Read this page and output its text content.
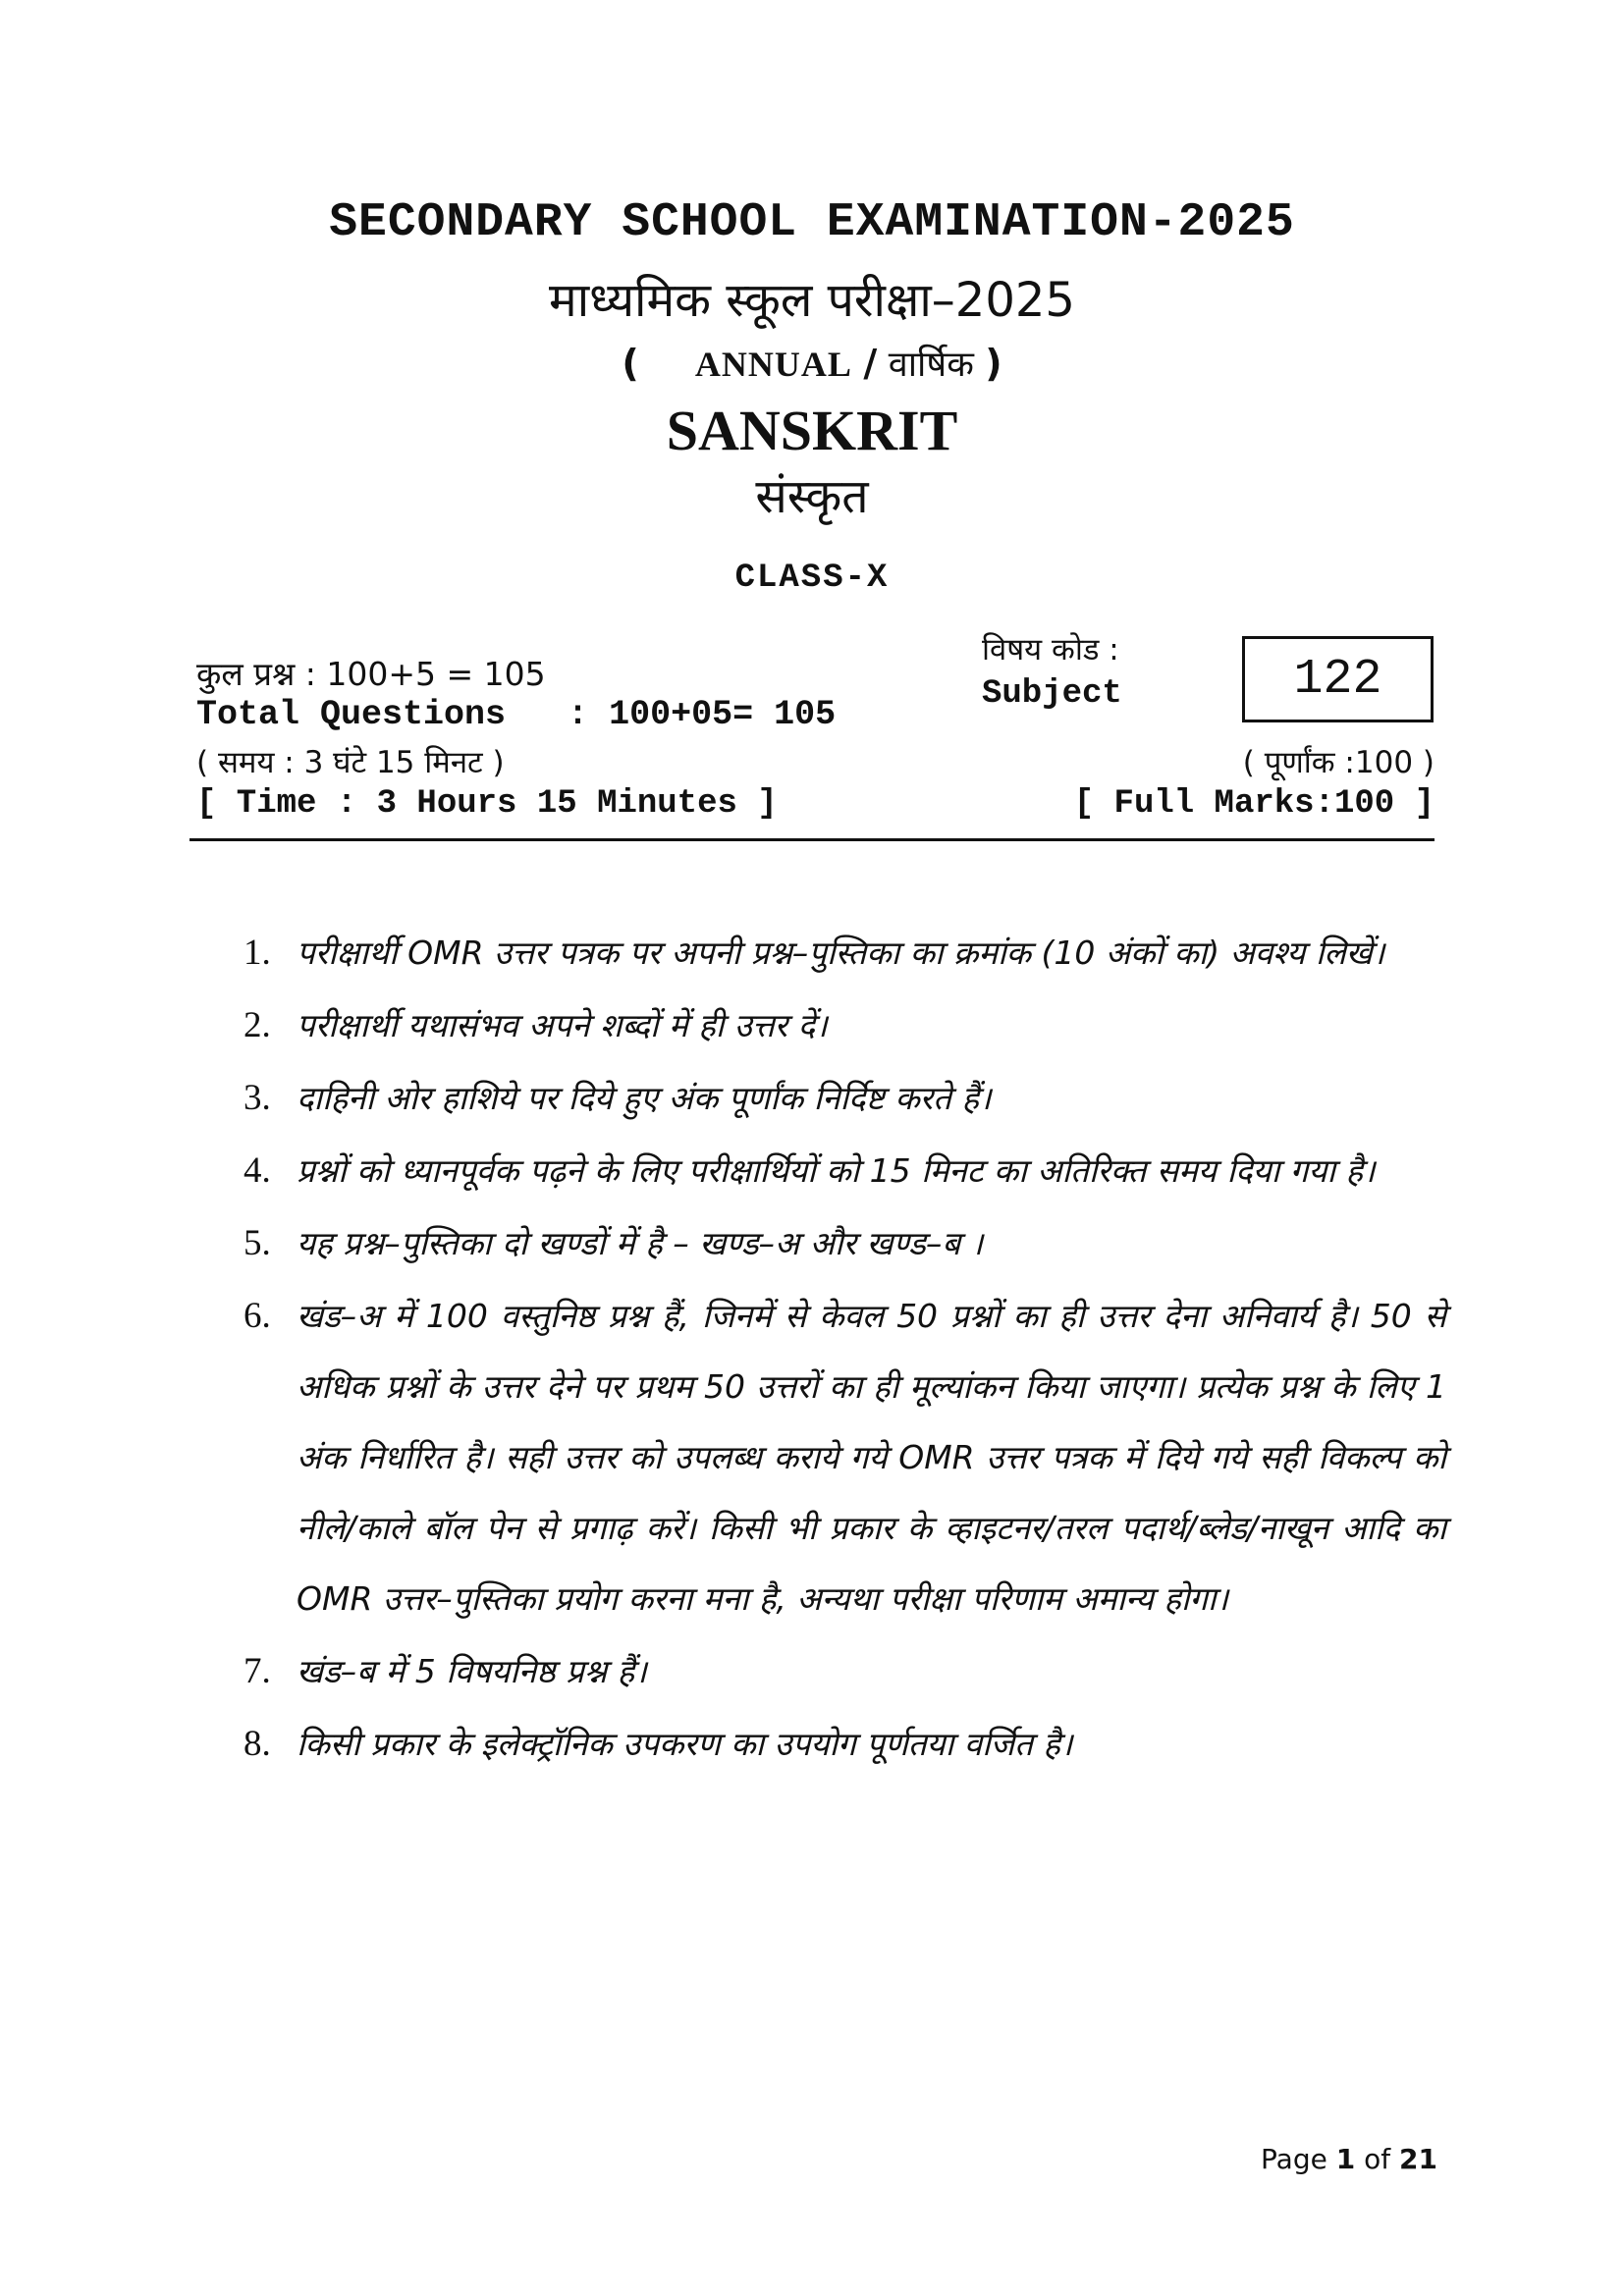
SECONDARY SCHOOL EXAMINATION-2025
माध्यमिक स्कूल परीक्षा–2025
( ANNUAL / वार्षिक )
SANSKRIT
संस्कृत
CLASS-X
कुल प्रश्न : 100+5 = 105
Total Questions   : 100+05= 105
( समय : 3 घंटे 15 मिनट )
[ Time : 3 Hours 15 Minutes ]
विषय कोड :
Subject	122
( पूर्णांक :100 )
[ Full Marks:100 ]
1. परीक्षार्थी OMR उत्तर पत्रक पर अपनी प्रश्न–पुस्तिका का क्रमांक (10 अंकों का) अवश्य लिखें।
2. परीक्षार्थी यथासंभव अपने शब्दों में ही उत्तर दें।
3. दाहिनी ओर हाशिये पर दिये हुए अंक पूर्णांक निर्दिष्ट करते हैं।
4. प्रश्नों को ध्यानपूर्वक पढ़ने के लिए परीक्षार्थियों को 15 मिनट का अतिरिक्त समय दिया गया है।
5. यह प्रश्न–पुस्तिका दो खण्डों में है – खण्ड–अ और खण्ड–ब ।
6. खंड–अ में 100 वस्तुनिष्ठ प्रश्न हैं, जिनमें से केवल 50 प्रश्नों का ही उत्तर देना अनिवार्य है। 50 से अधिक प्रश्नों के उत्तर देने पर प्रथम 50 उत्तरों का ही मूल्यांकन किया जाएगा। प्रत्येक प्रश्न के लिए 1 अंक निर्धारित है। सही उत्तर को उपलब्ध कराये गये OMR उत्तर पत्रक में दिये गये सही विकल्प को नीले/काले बॉल पेन से प्रगाढ़ करें। किसी भी प्रकार के व्हाइटनर/तरल पदार्थ/ब्लेड/नाखून आदि का OMR उत्तर–पुस्तिका प्रयोग करना मना है, अन्यथा परीक्षा परिणाम अमान्य होगा।
7. खंड–ब में 5 विषयनिष्ठ प्रश्न हैं।
8. किसी प्रकार के इलेक्ट्रॉनिक उपकरण का उपयोग पूर्णतया वर्जित है।
Page 1 of 21
